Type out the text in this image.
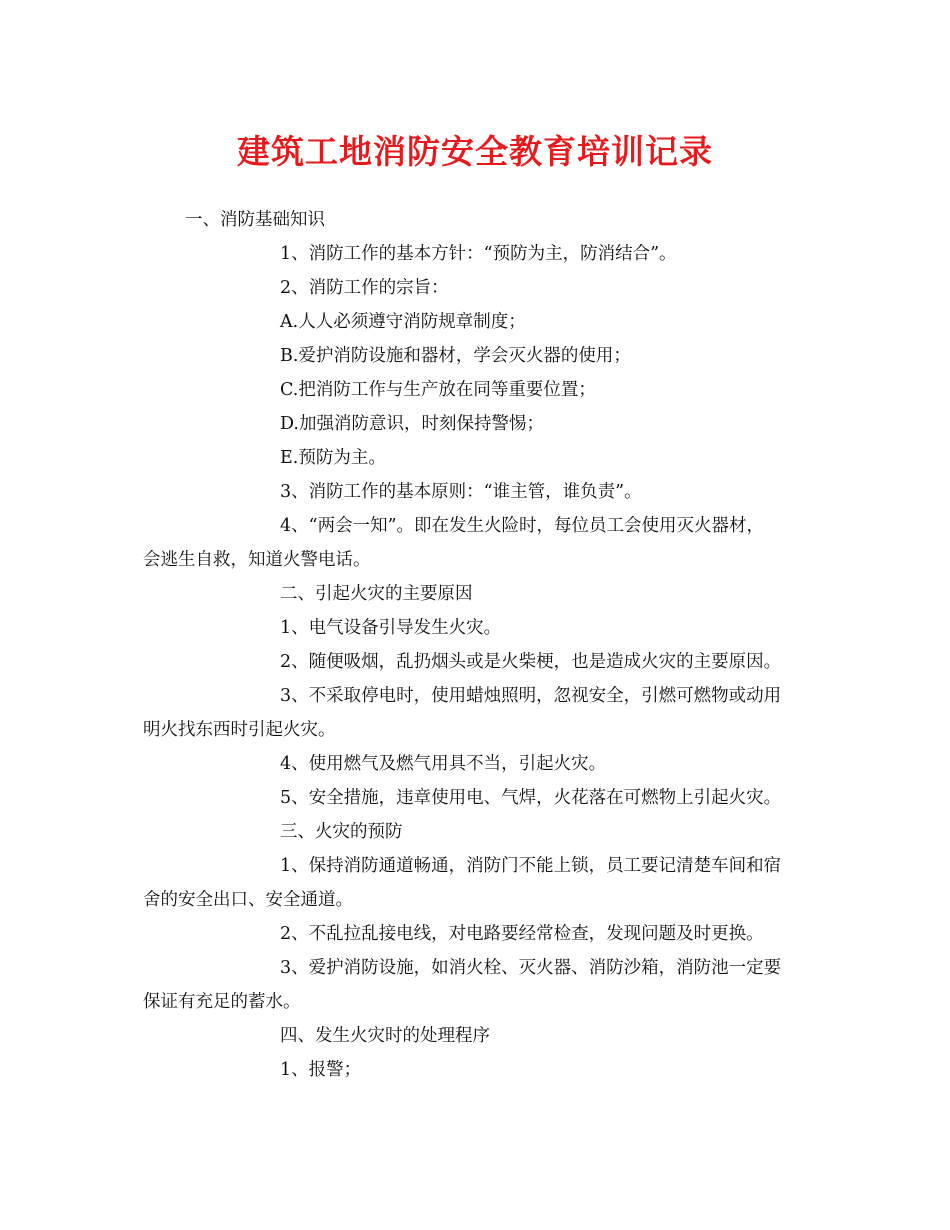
建筑工地消防安全教育培训记录

一、消防基础知识

1、消防工作的基本方针：“预防为主，防消结合”。

2、消防工作的宗旨：

A.人人必须遵守消防规章制度；

B.爱护消防设施和器材，学会灭火器的使用；

C.把消防工作与生产放在同等重要位置；

D.加强消防意识，时刻保持警惕；

E.预防为主。

3、消防工作的基本原则：“谁主管，谁负责”。

4、“两会一知”。即在发生火险时，每位员工会使用灭火器材，

会逃生自救，知道火警电话。

二、引起火灾的主要原因

1、电气设备引导发生火灾。

2、随便吸烟，乱扔烟头或是火柴梗，也是造成火灾的主要原因。

3、不采取停电时，使用蜡烛照明，忽视安全，引燃可燃物或动用

明火找东西时引起火灾。

4、使用燃气及燃气用具不当，引起火灾。

5、安全措施，违章使用电、气焊，火花落在可燃物上引起火灾。

三、火灾的预防

1、保持消防通道畅通，消防门不能上锁，员工要记清楚车间和宿

舍的安全出口、安全通道。

2、不乱拉乱接电线，对电路要经常检查，发现问题及时更换。

3、爱护消防设施，如消火栓、灭火器、消防沙箱，消防池一定要

保证有充足的蓄水。

四、发生火灾时的处理程序

1、报警；
